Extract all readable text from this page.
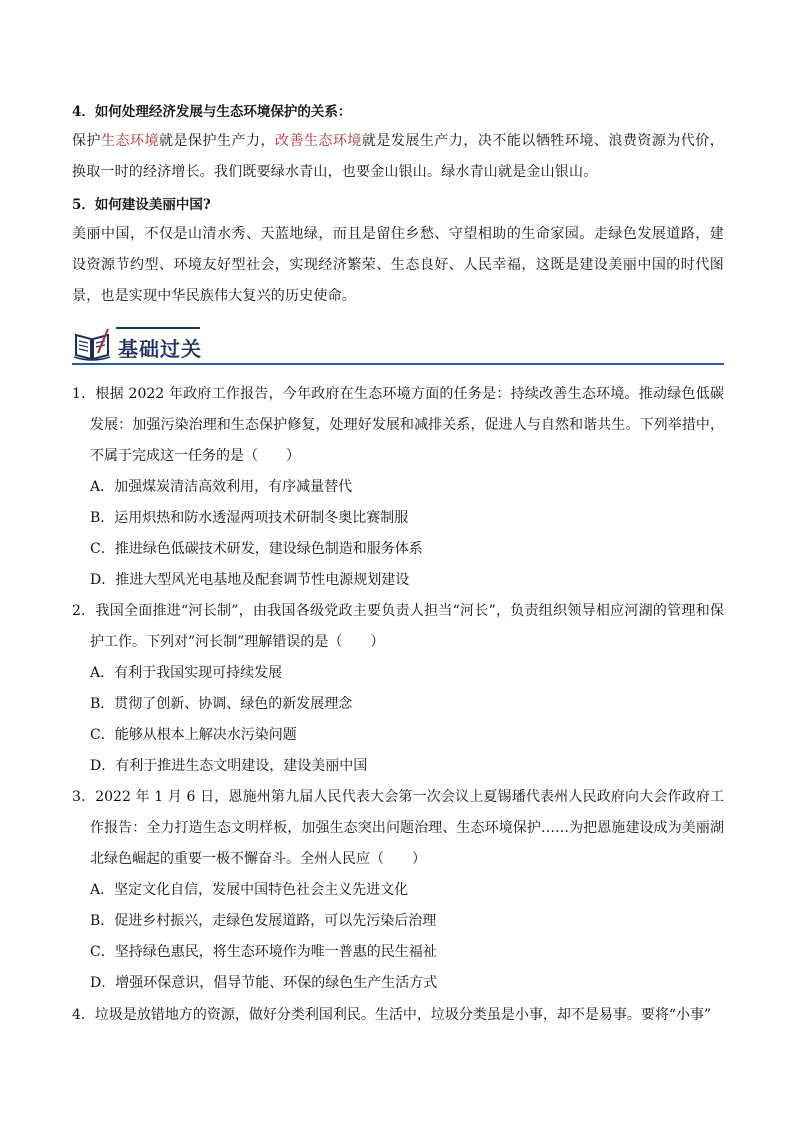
4．如何处理经济发展与生态环境保护的关系：
保护生态环境就是保护生产力，改善生态环境就是发展生产力，决不能以牺牲环境、浪费资源为代价，换取一时的经济增长。我们既要绿水青山，也要金山银山。绿水青山就是金山银山。
5．如何建设美丽中国?
美丽中国，不仅是山清水秀、天蓝地绿，而且是留住乡愁、守望相助的生命家园。走绿色发展道路，建设资源节约型、环境友好型社会，实现经济繁荣、生态良好、人民幸福，这既是建设美丽中国的时代图景，也是实现中华民族伟大复兴的历史使命。
基础过关
1．根据 2022 年政府工作报告，今年政府在生态环境方面的任务是：持续改善生态环境。推动绿色低碳发展：加强污染治理和生态保护修复，处理好发展和减排关系，促进人与自然和谐共生。下列举措中，不属于完成这一任务的是（　　）
A．加强煤炭清洁高效利用，有序减量替代
B．运用炽热和防水透湿两项技术研制冬奥比赛制服
C．推进绿色低碳技术研发，建设绿色制造和服务体系
D．推进大型风光电基地及配套调节性电源规划建设
2．我国全面推进“河长制”，由我国各级党政主要负责人担当“河长”，负责组织领导相应河湖的管理和保护工作。下列对”河长制”理解错误的是（　　）
A．有利于我国实现可持续发展
B．贯彻了创新、协调、绿色的新发展理念
C．能够从根本上解决水污染问题
D．有利于推进生态文明建设，建设美丽中国
3．2022 年 1 月 6 日，恩施州第九届人民代表大会第一次会议上夏锡璠代表州人民政府向大会作政府工作报告：全力打造生态文明样板，加强生态突出问题治理、生态环境保护……为把恩施建设成为美丽湖北绿色崛起的重要一极不懈奋斗。全州人民应（　　）
A．坚定文化自信，发展中国特色社会主义先进文化
B．促进乡村振兴，走绿色发展道路，可以先污染后治理
C．坚持绿色惠民，将生态环境作为唯一普惠的民生福祉
D．增强环保意识，倡导节能、环保的绿色生产生活方式
4．垃圾是放错地方的资源，做好分类利国利民。生活中，垃圾分类虽是小事，却不是易事。要将“小事”
